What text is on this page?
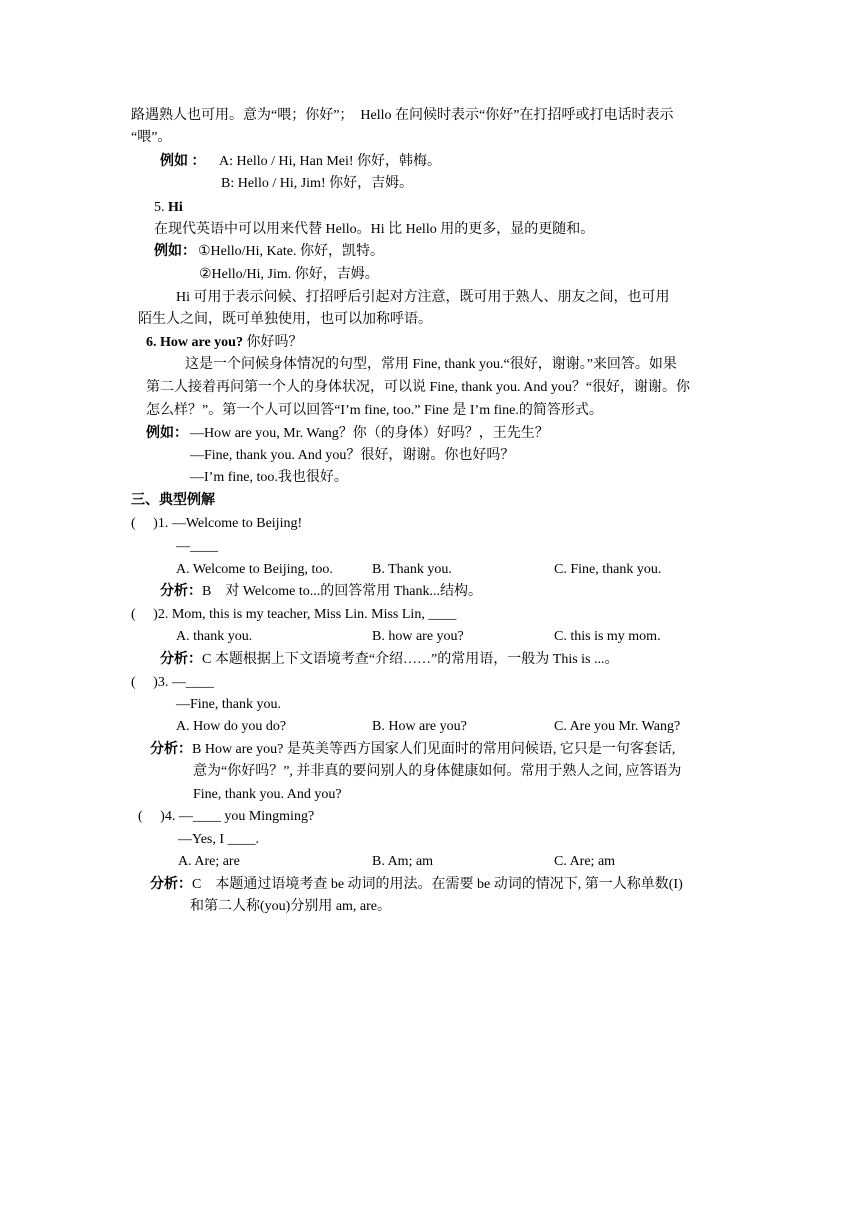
路遇熟人也可用。意为“喂；你好”；　Hello 在问候时表示“你好”在打招呼或打电话时表示
“喂”。
例如 ： A: Hello / Hi, Han Mei! 你好，韩梅。
B: Hello / Hi, Jim! 你好，吉姆。
5. Hi
在现代英语中可以用来代替 Hello。Hi 比 Hello 用的更多，显的更随和。
例如： ①Hello/Hi, Kate. 你好，凯特。
②Hello/Hi, Jim. 你好，吉姆。
Hi 可用于表示问候、打招呼后引起对方注意，既可用于熟人、朋友之间，也可用
陌生人之间，既可单独使用，也可以加称呼语。
6. How are you? 你好吗？
这是一个问候身体情况的句型，常用 Fine, thank you.“很好，谢谢。”来回答。如果
第二人接着再问第一个人的身体状况，可以说 Fine, thank you. And you？“很好，谢谢。你
怎么样？”。第一个人可以回答“I’m fine, too.” Fine 是 I’m fine.的简答形式。
例如： —How are you, Mr. Wang？你（的身体）好吗？，王先生？
—Fine, thank you. And you？很好，谢谢。你也好吗？
—I’m fine, too.我也很好。
三、典型例解
(　 )1. —Welcome to Beijing!
—____
A. Welcome to Beijing, too.	B. Thank you.	C. Fine, thank you.
分析：B　对 Welcome to...的回答常用 Thank...结构。
(　 )2. Mom, this is my teacher, Miss Lin. Miss Lin, ____
A. thank you.	B. how are you?	C. this is my mom.
分析：C 本题根据上下文语境考查“介绍……”的常用语，一般为 This is ...。
(　 )3. —____
—Fine, thank you.
A. How do you do?	B. How are you?	C. Are you Mr. Wang?
分析：B How are you? 是英美等西方国家人们见面时的常用问候语, 它只是一句客套话,
意为“你好吗？”, 并非真的要问别人的身体健康如何。常用于熟人之间, 应答语为
Fine, thank you. And you?
(　 )4. —____ you Mingming?
—Yes, I ____.
A. Are; are	B. Am; am	C. Are; am
分析：C　本题通过语境考查 be 动词的用法。在需要 be 动词的情况下, 第一人称单数(I)
和第二人称(you)分别用 am, are。
